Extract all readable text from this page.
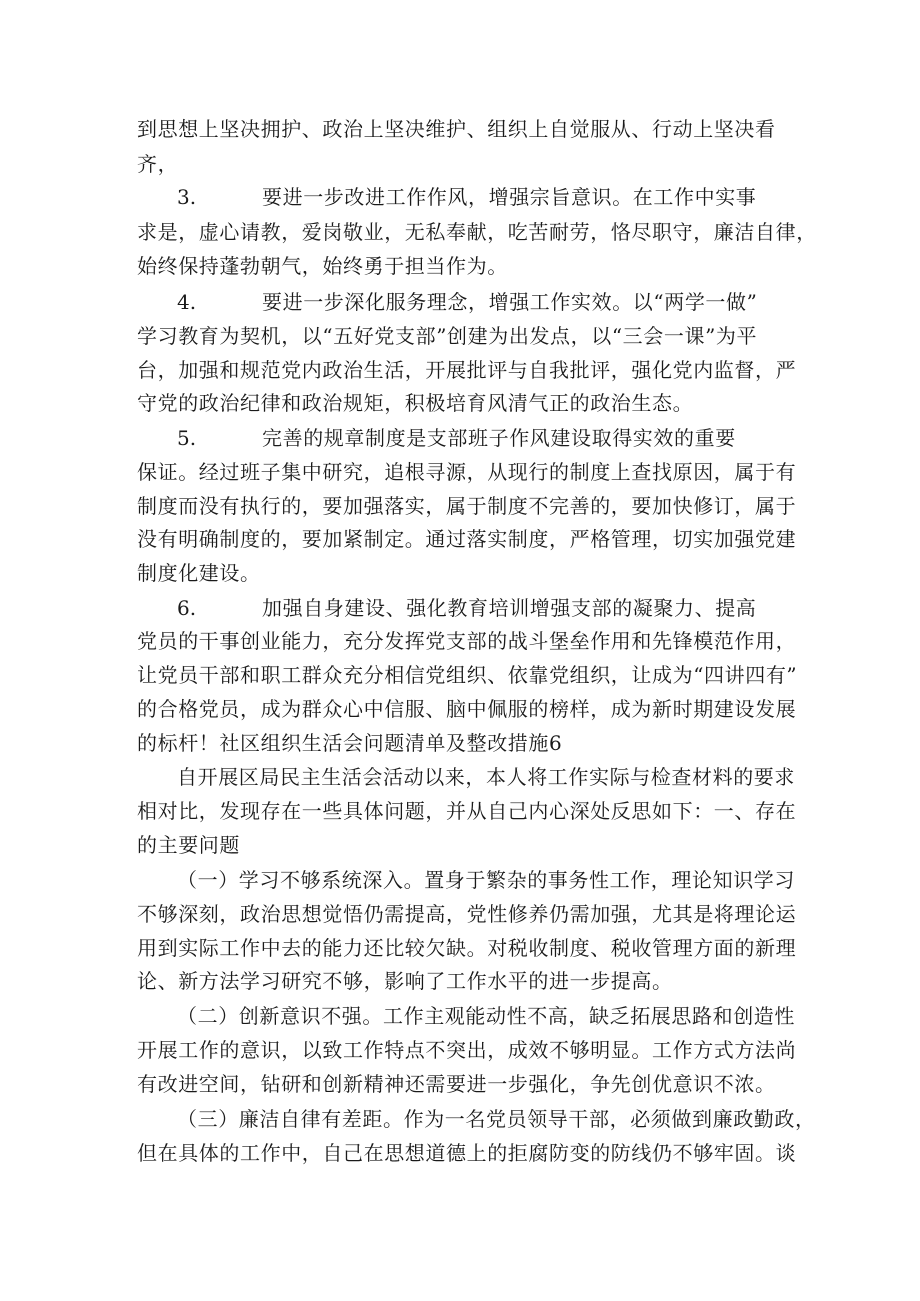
到思想上坚决拥护、政治上坚决维护、组织上自觉服从、行动上坚决看
齐，
3.	要进一步改进工作作风，增强宗旨意识。在工作中实事
求是，虚心请教，爱岗敬业，无私奉献，吃苦耐劳，恪尽职守，廉洁自律，
始终保持蓬勃朝气，始终勇于担当作为。
4.	要进一步深化服务理念，增强工作实效。以“两学一做”
学习教育为契机，以“五好党支部”创建为出发点，以“三会一课”为平
台，加强和规范党内政治生活，开展批评与自我批评，强化党内监督，严
守党的政治纪律和政治规矩，积极培育风清气正的政治生态。
5.	完善的规章制度是支部班子作风建设取得实效的重要
保证。经过班子集中研究，追根寻源，从现行的制度上查找原因，属于有
制度而没有执行的，要加强落实，属于制度不完善的，要加快修订，属于
没有明确制度的，要加紧制定。通过落实制度，严格管理，切实加强党建
制度化建设。
6.	加强自身建设、强化教育培训增强支部的凝聚力、提高
党员的干事创业能力，充分发挥党支部的战斗堡垒作用和先锋模范作用，
让党员干部和职工群众充分相信党组织、依靠党组织，让成为“四讲四有”
的合格党员，成为群众心中信服、脑中佩服的榜样，成为新时期建设发展
的标杆！社区组织生活会问题清单及整改措施6
自开展区局民主生活会活动以来，本人将工作实际与检查材料的要求
相对比，发现存在一些具体问题，并从自己内心深处反思如下：一、存在
的主要问题
（一）学习不够系统深入。置身于繁杂的事务性工作，理论知识学习
不够深刻，政治思想觉悟仍需提高，党性修养仍需加强，尤其是将理论运
用到实际工作中去的能力还比较欠缺。对税收制度、税收管理方面的新理
论、新方法学习研究不够，影响了工作水平的进一步提高。
（二）创新意识不强。工作主观能动性不高，缺乏拓展思路和创造性
开展工作的意识，以致工作特点不突出，成效不够明显。工作方式方法尚
有改进空间，钻研和创新精神还需要进一步强化，争先创优意识不浓。
（三）廉洁自律有差距。作为一名党员领导干部，必须做到廉政勤政，
但在具体的工作中，自己在思想道德上的拒腐防变的防线仍不够牢固。谈
